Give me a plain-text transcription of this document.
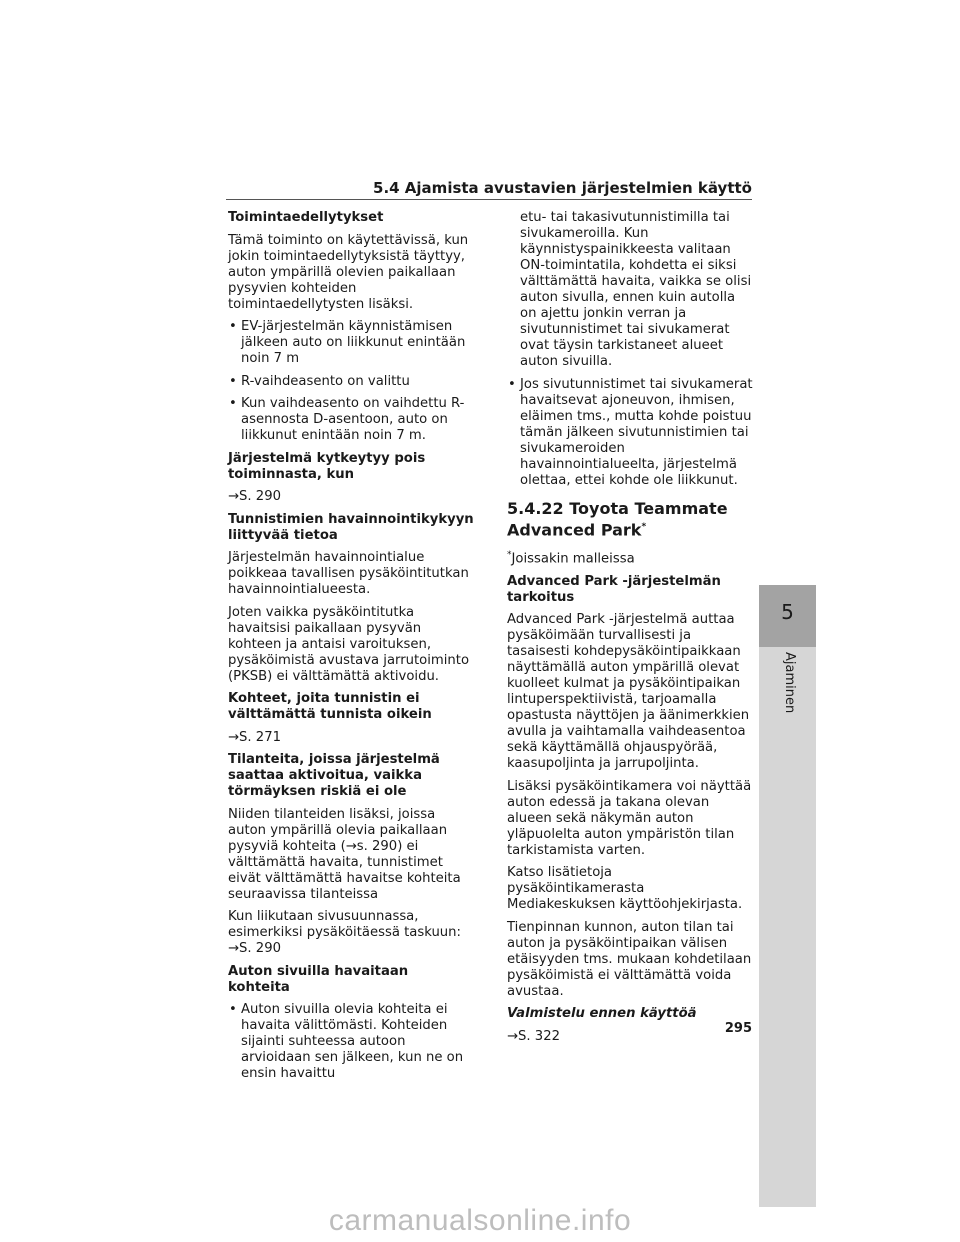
5.4 Ajamista avustavien järjestelmien käyttö

Toimintaedellytykset

Tämä toiminto on käytettävissä, kun jokin toimintaedellytyksistä täyttyy, auton ympärillä olevien paikallaan pysyvien kohteiden toimintaedellytysten lisäksi.

• EV-järjestelmän käynnistämisen jälkeen auto on liikkunut enintään noin 7 m
• R-vaihdeasento on valittu
• Kun vaihdeasento on vaihdettu R-asennosta D-asentoon, auto on liikkunut enintään noin 7 m.

Järjestelmä kytkeytyy pois toiminnasta, kun

→S. 290

Tunnistimien havainnointikykyyn liittyvää tietoa

Järjestelmän havainnointialue poikkeaa tavallisen pysäköintitutkan havainnointialueesta.

Joten vaikka pysäköintitutka havaitsisi paikallaan pysyvän kohteen ja antaisi varoituksen, pysäköimistä avustava jarrutoiminto (PKSB) ei välttämättä aktivoidu.

Kohteet, joita tunnistin ei välttämättä tunnista oikein

→S. 271

Tilanteita, joissa järjestelmä saattaa aktivoitua, vaikka törmäyksen riskiä ei ole

Niiden tilanteiden lisäksi, joissa auton ympärillä olevia paikallaan pysyviä kohteita (→s. 290) ei välttämättä havaita, tunnistimet eivät välttämättä havaitse kohteita seuraavissa tilanteissa

Kun liikutaan sivusuunnassa, esimerkiksi pysäköitäessä taskuun: →S. 290

Auton sivuilla havaitaan kohteita

• Auton sivuilla olevia kohteita ei havaita välittömästi. Kohteiden sijainti suhteessa autoon arvioidaan sen jälkeen, kun ne on ensin havaittu

etu- tai takasivutunnistimilla tai sivukameroilla. Kun käynnistyspainikkeesta valitaan ON-toimintatila, kohdetta ei siksi välttämättä havaita, vaikka se olisi auton sivulla, ennen kuin autolla on ajettu jonkin verran ja sivutunnistimet tai sivukamerat ovat täysin tarkistaneet alueet auton sivuilla.

• Jos sivutunnistimet tai sivukamerat havaitsevat ajoneuvon, ihmisen, eläimen tms., mutta kohde poistuu tämän jälkeen sivutunnistimien tai sivukameroiden havainnointialueelta, järjestelmä olettaa, ettei kohde ole liikkunut.
5.4.22 Toyota Teammate Advanced Park*

*Joissakin malleissa

Advanced Park -järjestelmän tarkoitus

Advanced Park -järjestelmä auttaa pysäköimään turvallisesti ja tasaisesti kohdepysäköintipaikkaan näyttämällä auton ympärillä olevat kuolleet kulmat ja pysäköintipaikan lintuperspektiivistä, tarjoamalla opastusta näyttöjen ja äänimerkkien avulla ja vaihtamalla vaihdeasentoa sekä käyttämällä ohjauspyörää, kaasupoljinta ja jarrupoljinta.

Lisäksi pysäköintikamera voi näyttää auton edessä ja takana olevan alueen sekä näkymän auton yläpuolelta auton ympäristön tilan tarkistamista varten.

Katso lisätietoja pysäköintikamerasta Mediakeskuksen käyttöohjekirjasta.

Tienpinnan kunnon, auton tilan tai auton ja pysäköintipaikan välisen etäisyyden tms. mukaan kohdetilaan pysäköimistä ei välttämättä voida avustaa.

Valmistelu ennen käyttöä

→S. 322

5
Ajaminen
295
carmanualsonline.info
